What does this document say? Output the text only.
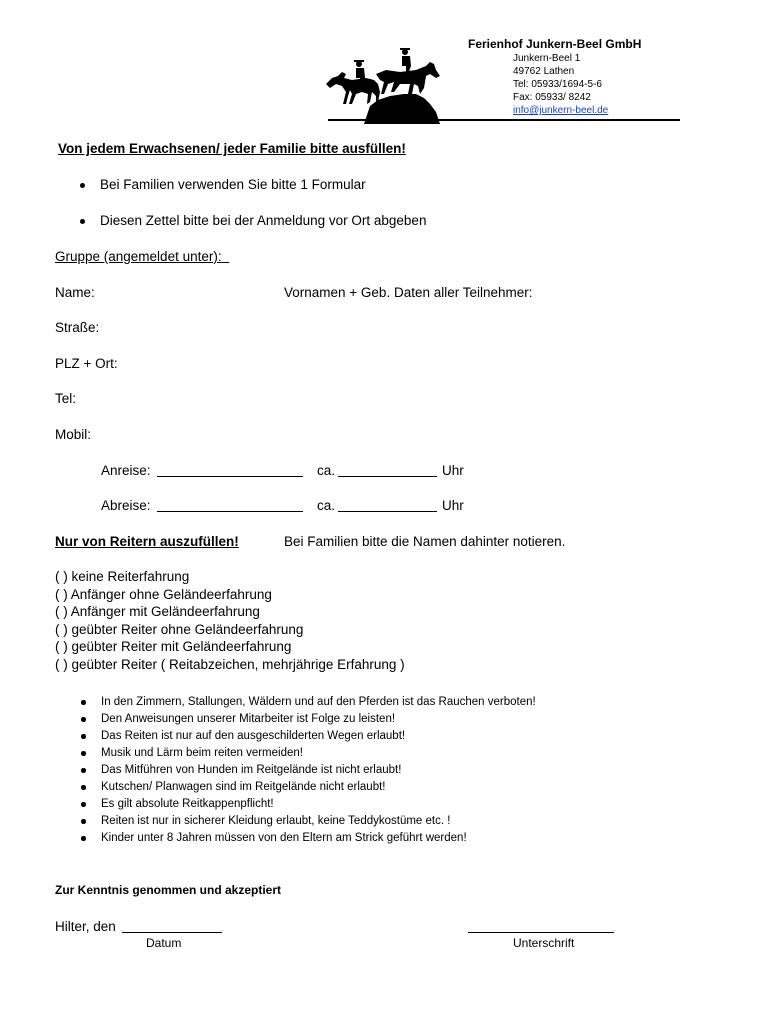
Ferienhof Junkern-Beel GmbH
Junkern-Beel 1
49762 Lathen
Tel: 05933/1694-5-6
Fax: 05933/ 8242
info@junkern-beel.de
Von jedem Erwachsenen/ jeder Familie bitte ausfüllen!
Bei Familien verwenden Sie bitte 1 Formular
Diesen Zettel bitte bei der Anmeldung vor Ort abgeben
Gruppe (angemeldet unter):
Name:	Vornamen + Geb. Daten aller Teilnehmer:
Straße:
PLZ + Ort:
Tel:
Mobil:
Anreise:	ca.	Uhr
Abreise:	ca.	Uhr
Nur von Reitern auszufüllen!	Bei Familien bitte die Namen dahinter notieren.
( ) keine Reiterfahrung
( ) Anfänger ohne Geländeerfahrung
( ) Anfänger mit Geländeerfahrung
( ) geübter Reiter ohne Geländeerfahrung
( ) geübter Reiter mit Geländeerfahrung
( ) geübter Reiter ( Reitabzeichen, mehrjährige Erfahrung )
In den Zimmern, Stallungen, Wäldern und auf den Pferden ist das Rauchen verboten!
Den Anweisungen unserer Mitarbeiter ist Folge zu leisten!
Das Reiten ist nur auf den ausgeschilderten Wegen erlaubt!
Musik und Lärm beim reiten vermeiden!
Das Mitführen von Hunden im Reitgelände ist nicht erlaubt!
Kutschen/ Planwagen sind im Reitgelände nicht erlaubt!
Es gilt absolute Reitkappenpflicht!
Reiten ist nur in sicherer Kleidung erlaubt, keine Teddykostüme etc. !
Kinder unter 8 Jahren müssen von den Eltern am Strick geführt werden!
Zur Kenntnis genommen und akzeptiert
Hilter, den
Datum	Unterschrift
